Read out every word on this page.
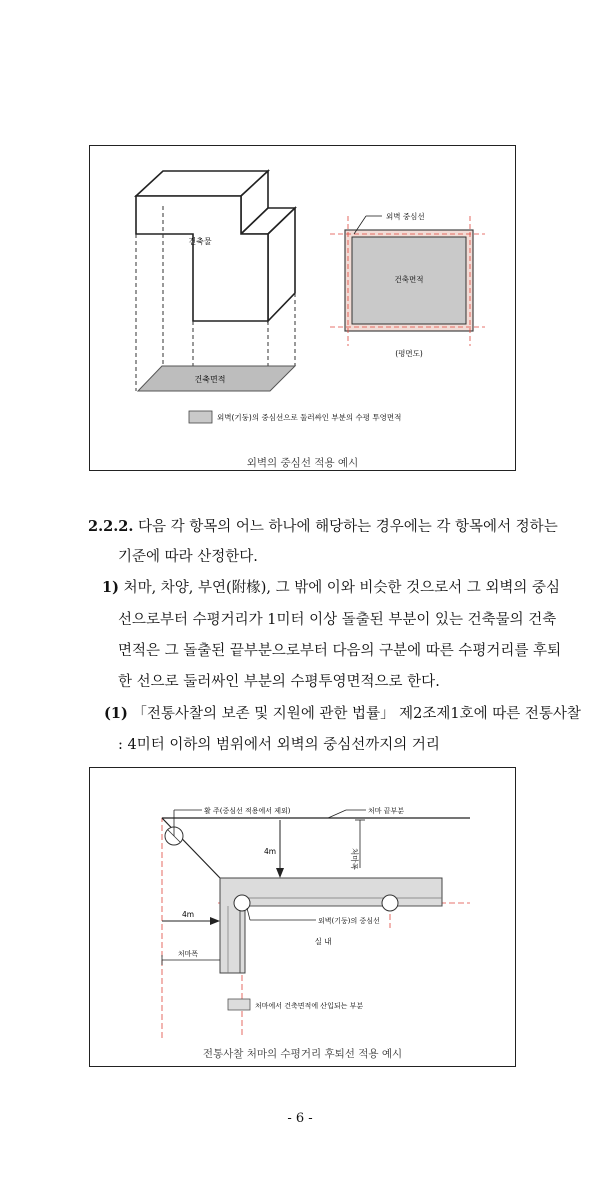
건축면적
건축물
외벽 중심선
건축면적
(평면도)
외벽(기둥)의 중심선으로 둘러싸인 부분의 수평 투영면적
외벽의 중심선 적용 예시
2.2.2. 다음 각 항목의 어느 하나에 해당하는 경우에는 각 항목에서 정하는
기준에 따라 산정한다.
1) 처마, 차양, 부연(附椽), 그 밖에 이와 비슷한 것으로서 그 외벽의 중심
선으로부터 수평거리가 1미터 이상 돌출된 부분이 있는 건축물의 건축
면적은 그 돌출된 끝부분으로부터 다음의 구분에 따른 수평거리를 후퇴
한 선으로 둘러싸인 부분의 수평투영면적으로 한다.
(1) 「전통사찰의 보존 및 지원에 관한 법률」 제2조제1호에 따른 전통사찰
: 4미터 이하의 범위에서 외벽의 중심선까지의 거리
활 주(중심선 적용에서 제외)	처마 끝부분
4m	처마폭
4m
처마폭
외벽(기둥)의 중심선
실 내
처마에서 건축면적에 산입되는 부분
전통사찰 처마의 수평거리 후퇴선 적용 예시
- 6 -
